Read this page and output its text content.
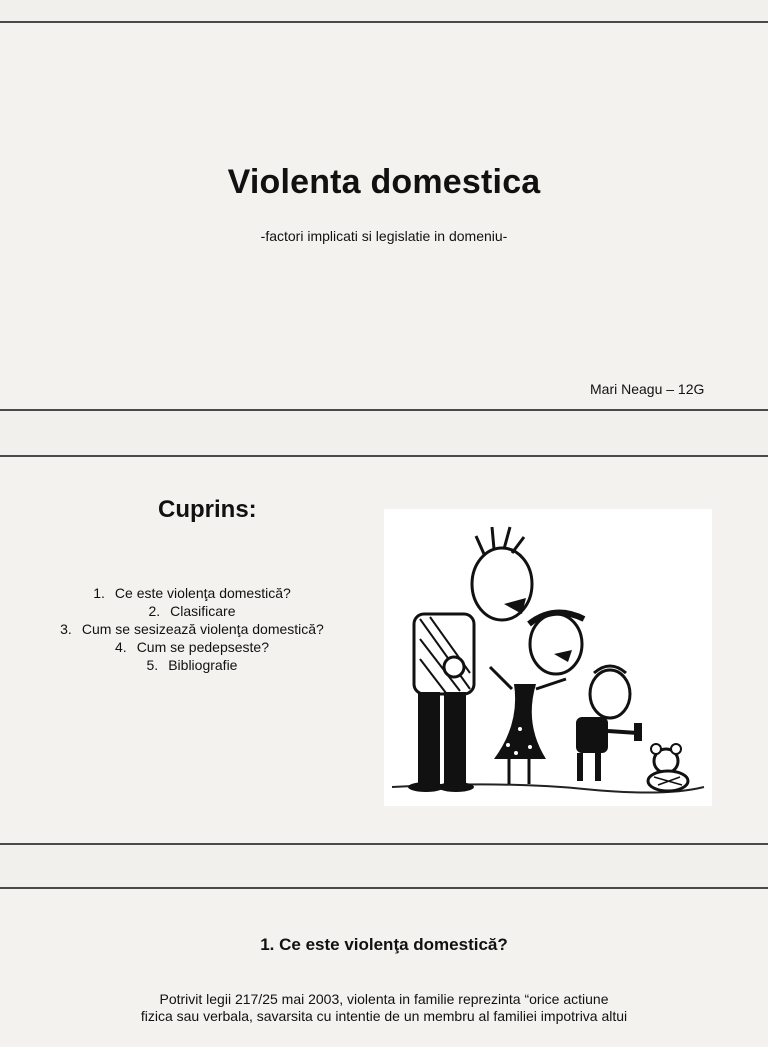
Violenta domestica
-factori implicati si legislatie in domeniu-
Mari Neagu – 12G
Cuprins:
1. Ce este violenţa domestică?
2. Clasificare
3. Cum se sesizează violenţa domestică?
4. Cum se pedepseste?
5. Bibliografie
1. Ce este violenţa domestică?
Potrivit legii 217/25 mai 2003, violenta in familie reprezinta “orice actiune
fizica sau verbala, savarsita cu intentie de un membru al familiei impotriva altui
